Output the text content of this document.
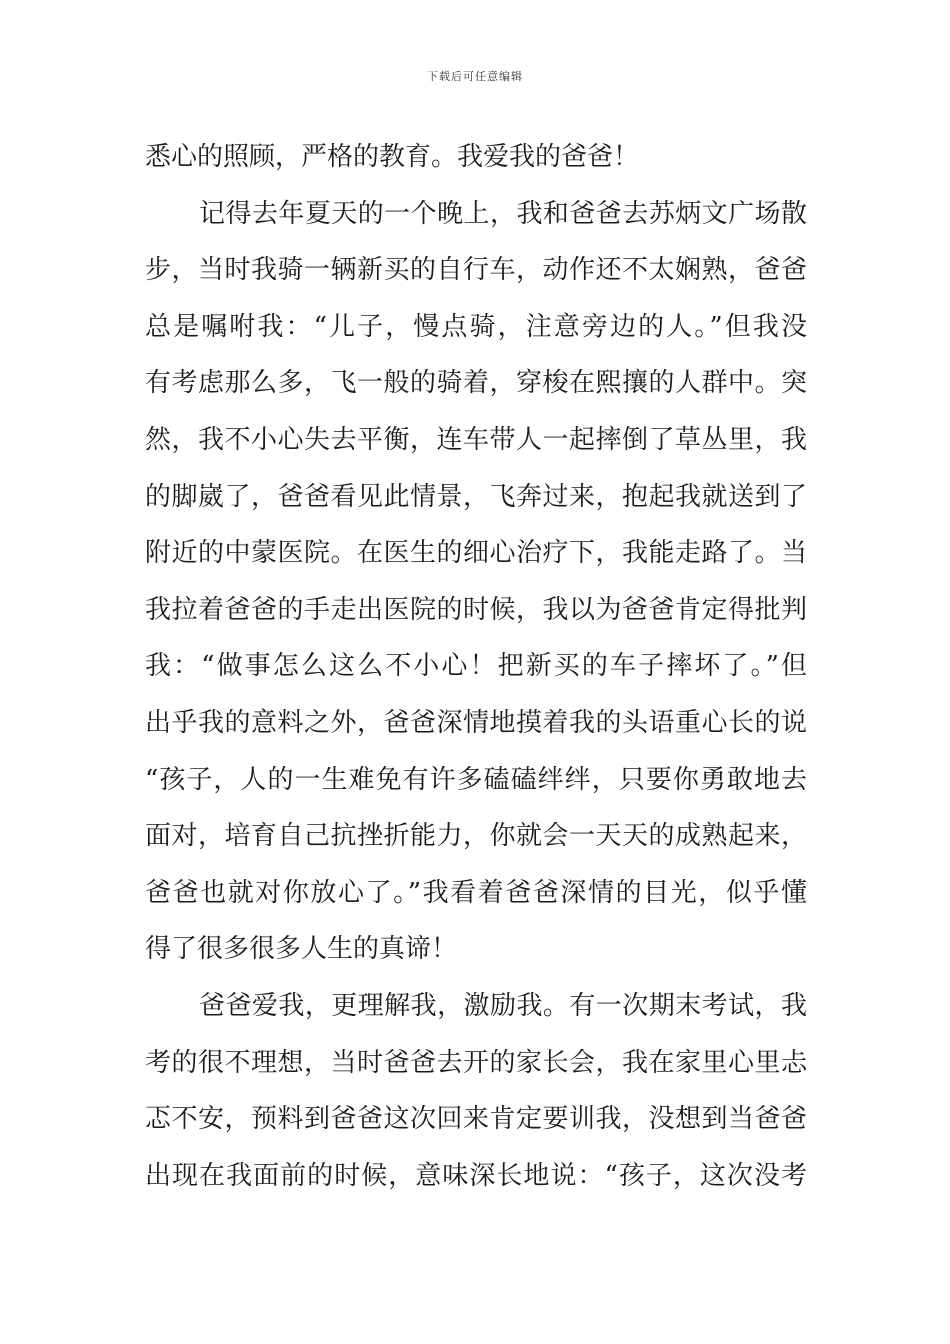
下载后可任意编辑
悉心的照顾，严格的教育。我爱我的爸爸！
记得去年夏天的一个晚上，我和爸爸去苏炳文广场散
步，当时我骑一辆新买的自行车，动作还不太娴熟，爸爸
总是嘱咐我：“儿子，慢点骑，注意旁边的人。”但我没
有考虑那么多，飞一般的骑着，穿梭在熙攘的人群中。突
然，我不小心失去平衡，连车带人一起摔倒了草丛里，我
的脚崴了，爸爸看见此情景，飞奔过来，抱起我就送到了
附近的中蒙医院。在医生的细心治疗下，我能走路了。当
我拉着爸爸的手走出医院的时候，我以为爸爸肯定得批判
我：“做事怎么这么不小心！把新买的车子摔坏了。”但
出乎我的意料之外，爸爸深情地摸着我的头语重心长的说
“孩子，人的一生难免有许多磕磕绊绊，只要你勇敢地去
面对，培育自己抗挫折能力，你就会一天天的成熟起来，
爸爸也就对你放心了。”我看着爸爸深情的目光，似乎懂
得了很多很多人生的真谛！
爸爸爱我，更理解我，激励我。有一次期末考试，我
考的很不理想，当时爸爸去开的家长会，我在家里心里忐
忑不安，预料到爸爸这次回来肯定要训我，没想到当爸爸
出现在我面前的时候，意味深长地说：“孩子，这次没考
